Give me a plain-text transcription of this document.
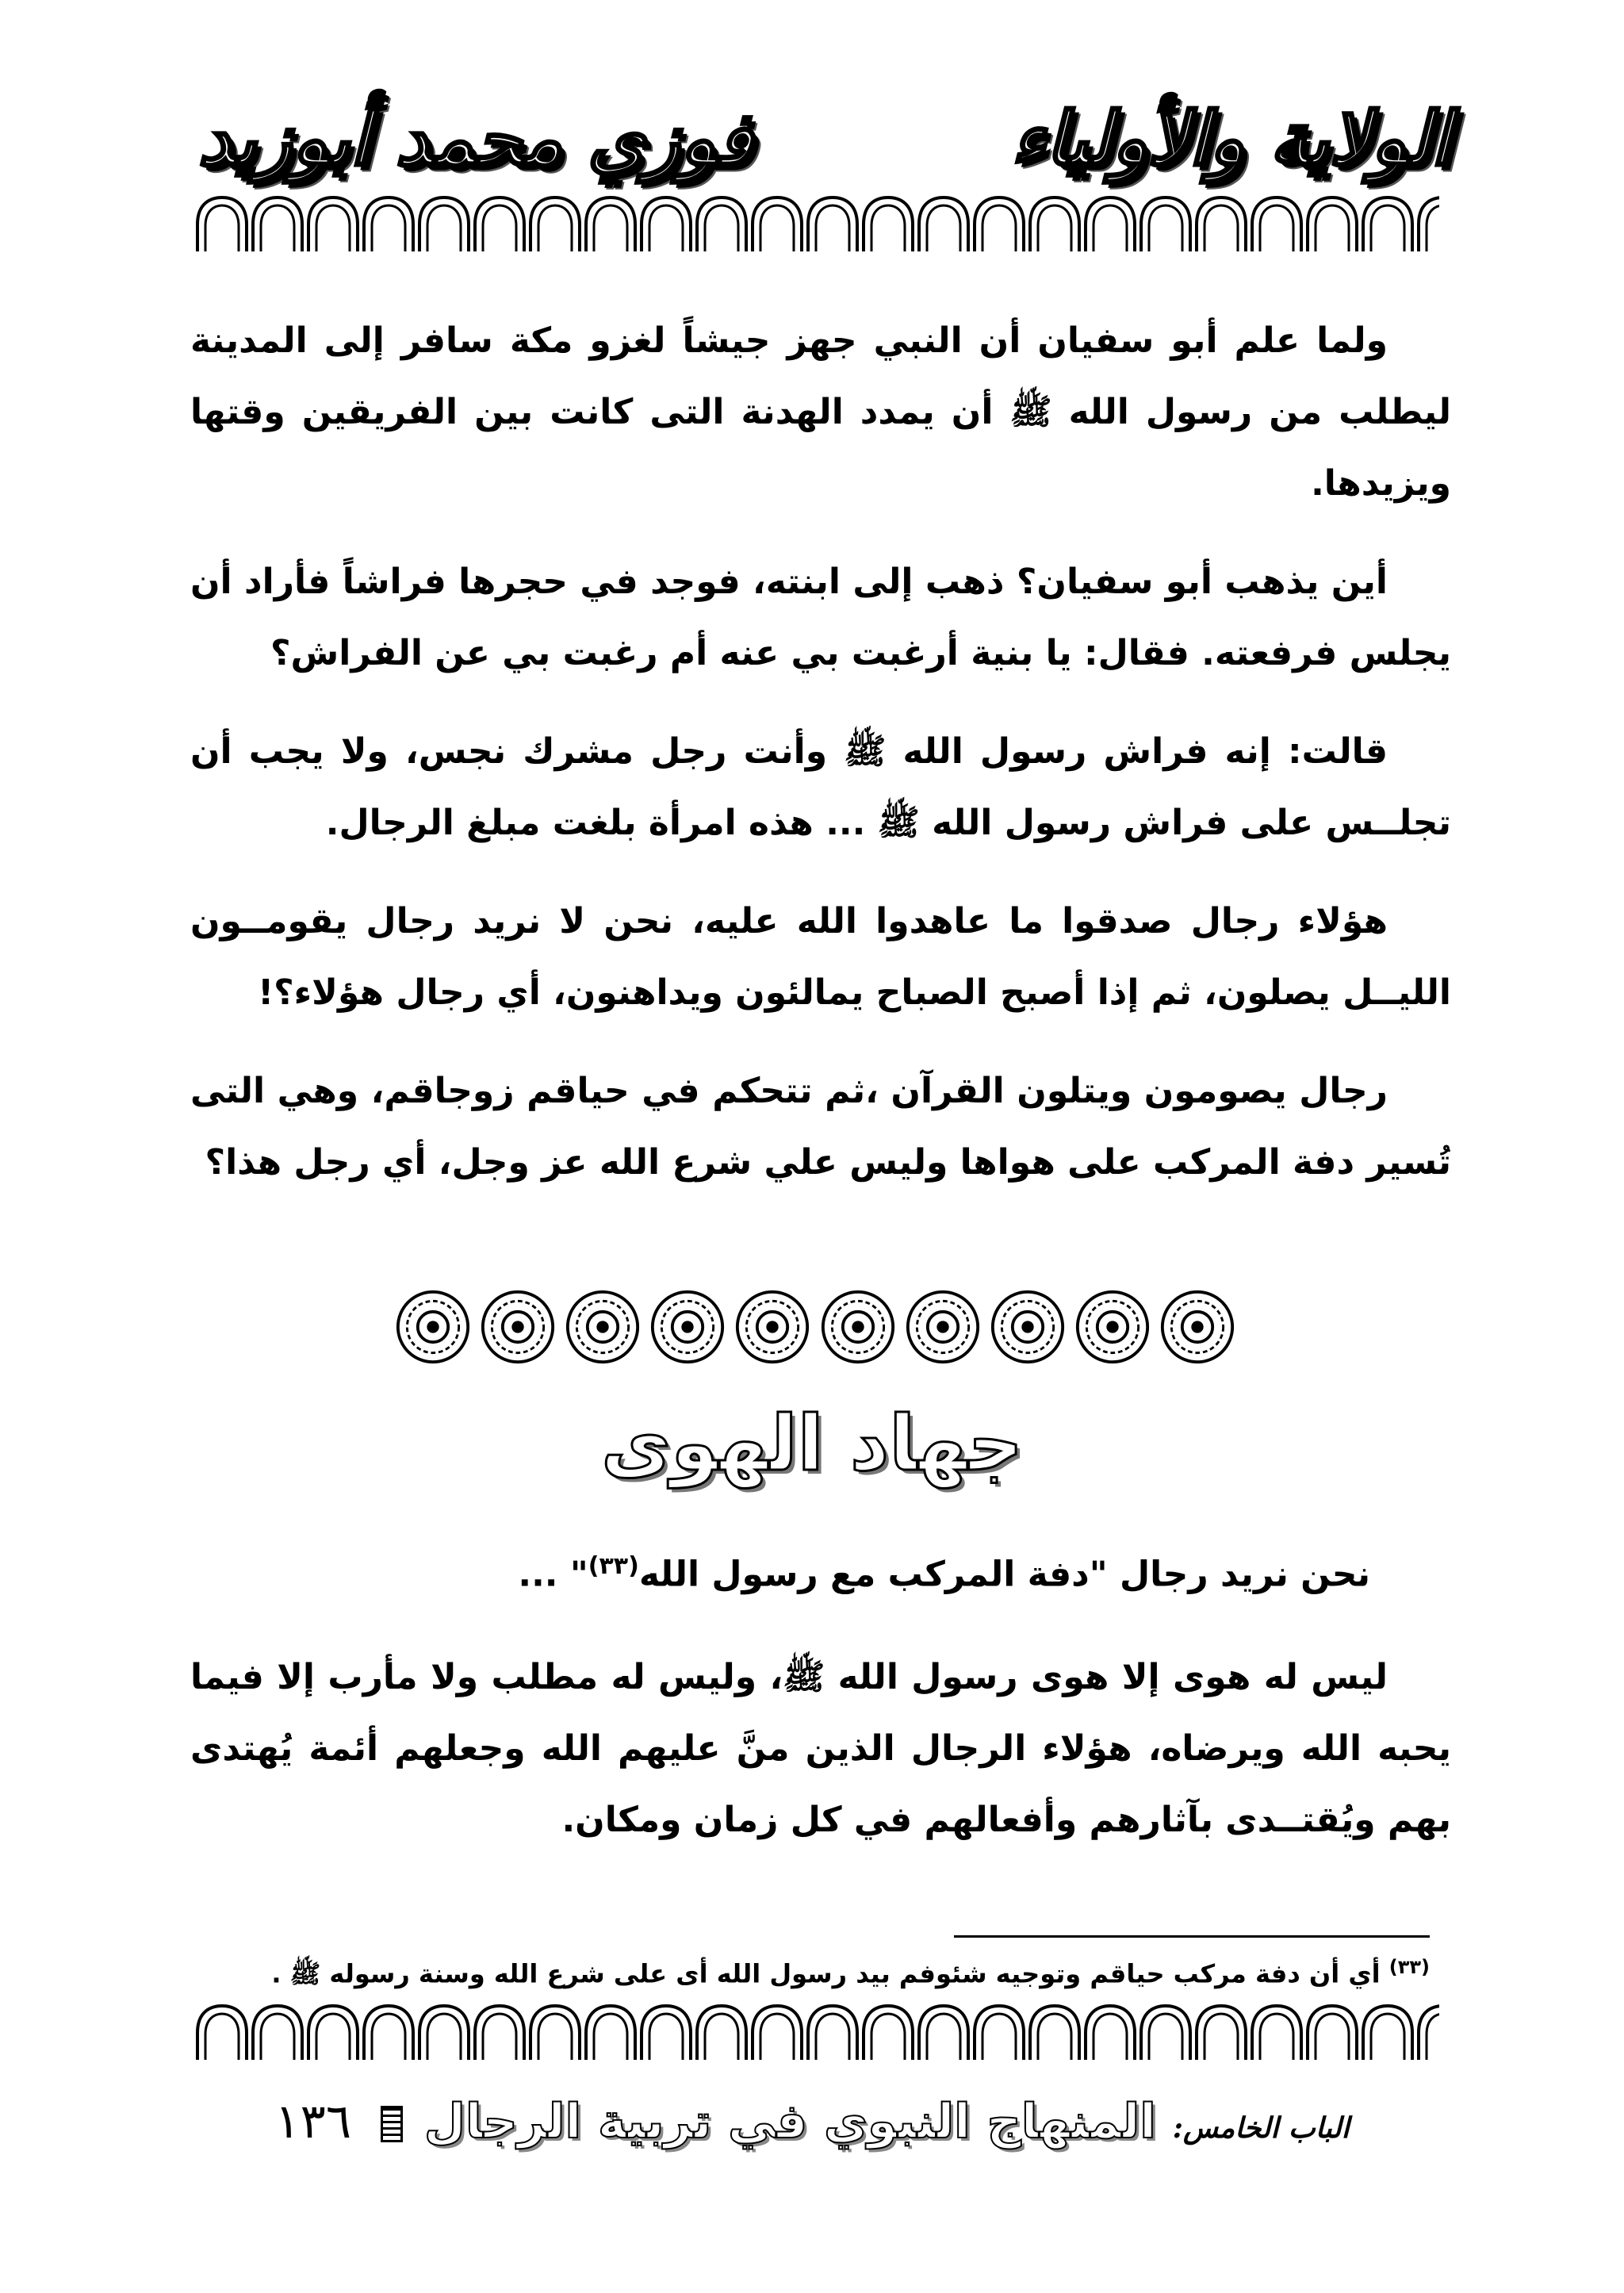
الولاية والأولياء
فوزي محمد أبوزيد

ولما علم أبو سفيان أن النبي جهز جيشاً لغزو مكة سافر إلى المدينة ليطلب من رسول الله ﷺ أن يمدد الهدنة التى كانت بين الفريقين وقتها ويزيدها.

أين يذهب أبو سفيان؟ ذهب إلى ابنته، فوجد في حجرها فراشاً فأراد أن يجلس فرفعته. فقال: يا بنية أرغبت بي عنه أم رغبت بي عن الفراش؟

قالت: إنه فراش رسول الله ﷺ وأنت رجل مشرك نجس، ولا يجب أن تجلــس على فراش رسول الله ﷺ ... هذه امرأة بلغت مبلغ الرجال.

هؤلاء رجال صدقوا ما عاهدوا الله عليه، نحن لا نريد رجال يقومــون الليــل يصلون، ثم إذا أصبح الصباح يمالئون ويداهنون، أي رجال هؤلاء؟!

رجال يصومون ويتلون القرآن ،ثم تتحكم في حياقم زوجاقم، وهي التى تُسير دفة المركب على هواها وليس علي شرع الله عز وجل، أي رجل هذا؟

جهاد الهوى
نحن نريد رجال "دفة المركب مع رسول الله$^{(٣٣)}$" ...

ليس له هوى إلا هوى رسول الله ﷺ، وليس له مطلب ولا مأرب إلا فيما يحبه الله ويرضاه، هؤلاء الرجال الذين منَّ عليهم الله وجعلهم أئمة يُهتدى بهم ويُقتــدى بآثارهم وأفعالهم في كل زمان ومكان.

$^{(٣٣)}$ أي أن دفة مركب حياقم وتوجيه شئوفم بيد رسول الله أى على شرع الله وسنة رسوله ﷺ .
الباب الخامس: المنهاج النبوي في تربية الرجال  ١٣٦
